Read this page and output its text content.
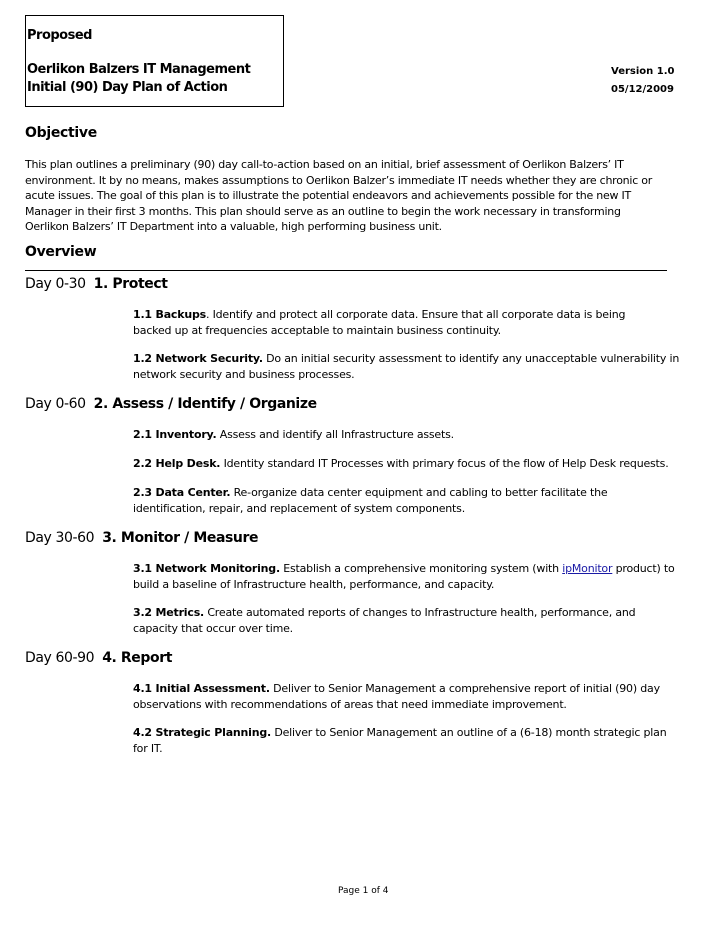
Proposed
Oerlikon Balzers IT Management
Initial (90) Day Plan of Action
Version 1.0
05/12/2009
Objective
This plan outlines a preliminary (90) day call-to-action based on an initial, brief assessment of Oerlikon Balzers’ IT
environment. It by no means, makes assumptions to Oerlikon Balzer’s immediate IT needs whether they are chronic or
acute issues. The goal of this plan is to illustrate the potential endeavors and achievements possible for the new IT
Manager in their first 3 months. This plan should serve as an outline to begin the work necessary in transforming
Oerlikon Balzers’ IT Department into a valuable, high performing business unit.
Overview
Day 0-30 1. Protect
1.1 Backups. Identify and protect all corporate data. Ensure that all corporate data is being
backed up at frequencies acceptable to maintain business continuity.
1.2 Network Security. Do an initial security assessment to identify any unacceptable vulnerability in
network security and business processes.
Day 0-60 2. Assess / Identify / Organize
2.1 Inventory. Assess and identify all Infrastructure assets.
2.2 Help Desk. Identity standard IT Processes with primary focus of the flow of Help Desk requests.
2.3 Data Center. Re-organize data center equipment and cabling to better facilitate the
identification, repair, and replacement of system components.
Day 30-60 3. Monitor / Measure
3.1 Network Monitoring. Establish a comprehensive monitoring system (with ipMonitor product) to
build a baseline of Infrastructure health, performance, and capacity.
3.2 Metrics. Create automated reports of changes to Infrastructure health, performance, and
capacity that occur over time.
Day 60-90 4. Report
4.1 Initial Assessment. Deliver to Senior Management a comprehensive report of initial (90) day
observations with recommendations of areas that need immediate improvement.
4.2 Strategic Planning. Deliver to Senior Management an outline of a (6-18) month strategic plan
for IT.
Page 1 of 4
